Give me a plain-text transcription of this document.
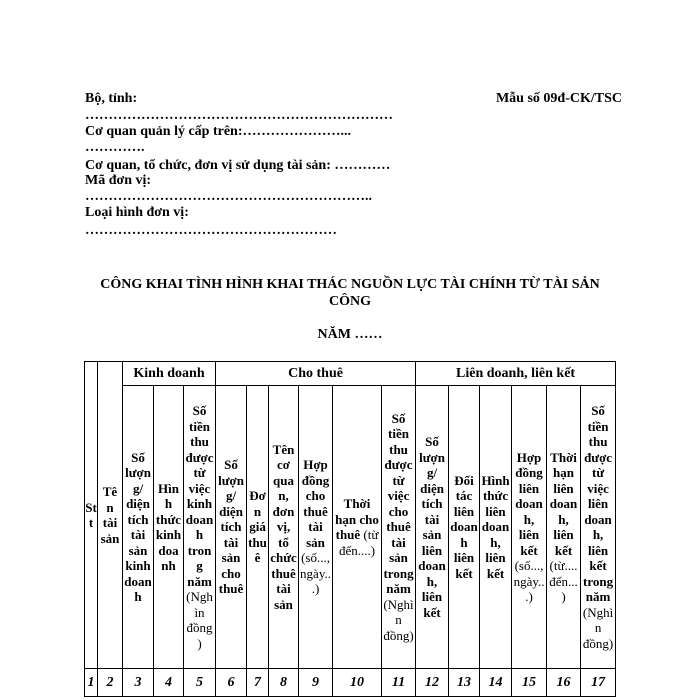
Bộ, tỉnh:	Mẫu số 09đ-CK/TSC
…………………………………………………………
Cơ quan quản lý cấp trên:…………………...
………….
Cơ quan, tổ chức, đơn vị sử dụng tài sản: …………
Mã đơn vị:
……………………………………………………..
Loại hình đơn vị:
………………………………………………
CÔNG KHAI TÌNH HÌNH KHAI THÁC NGUỒN LỰC TÀI CHÍNH TỪ TÀI SẢN CÔNG
NĂM ……
Stt	Tên tài sản	Kinh doanh			Cho thuê						Liên doanh, liên kết					
		Số lượng/ diện tích tài sản kinh doanh	Hình thức kinh doanh	Số tiền thu được từ việc kinh doanh trong năm (Nghìn đồng)	Số lượng/ diện tích tài sản cho thuê	Đơn giá thuê	Tên cơ quan, đơn vị, tổ chức thuê tài sản	Hợp đồng cho thuê tài sản (số..., ngày...)	Thời hạn cho thuê (từ đến....)	Số tiền thu được từ việc cho thuê tài sản trong năm (Nghìn đồng)	Số lượng/ diện tích tài sản liên doanh, liên kết	Đối tác liên doanh liên kết	Hình thức liên doanh, liên kết	Hợp đồng liên doanh, liên kết (số..., ngày...)	Thời hạn liên doanh, liên kết (từ.... đến...)	Số tiền thu được từ việc liên doanh, liên kết trong năm (Nghìn đồng)
1	2	3	4	5	6	7	8	9	10	11	12	13	14	15	16	17
